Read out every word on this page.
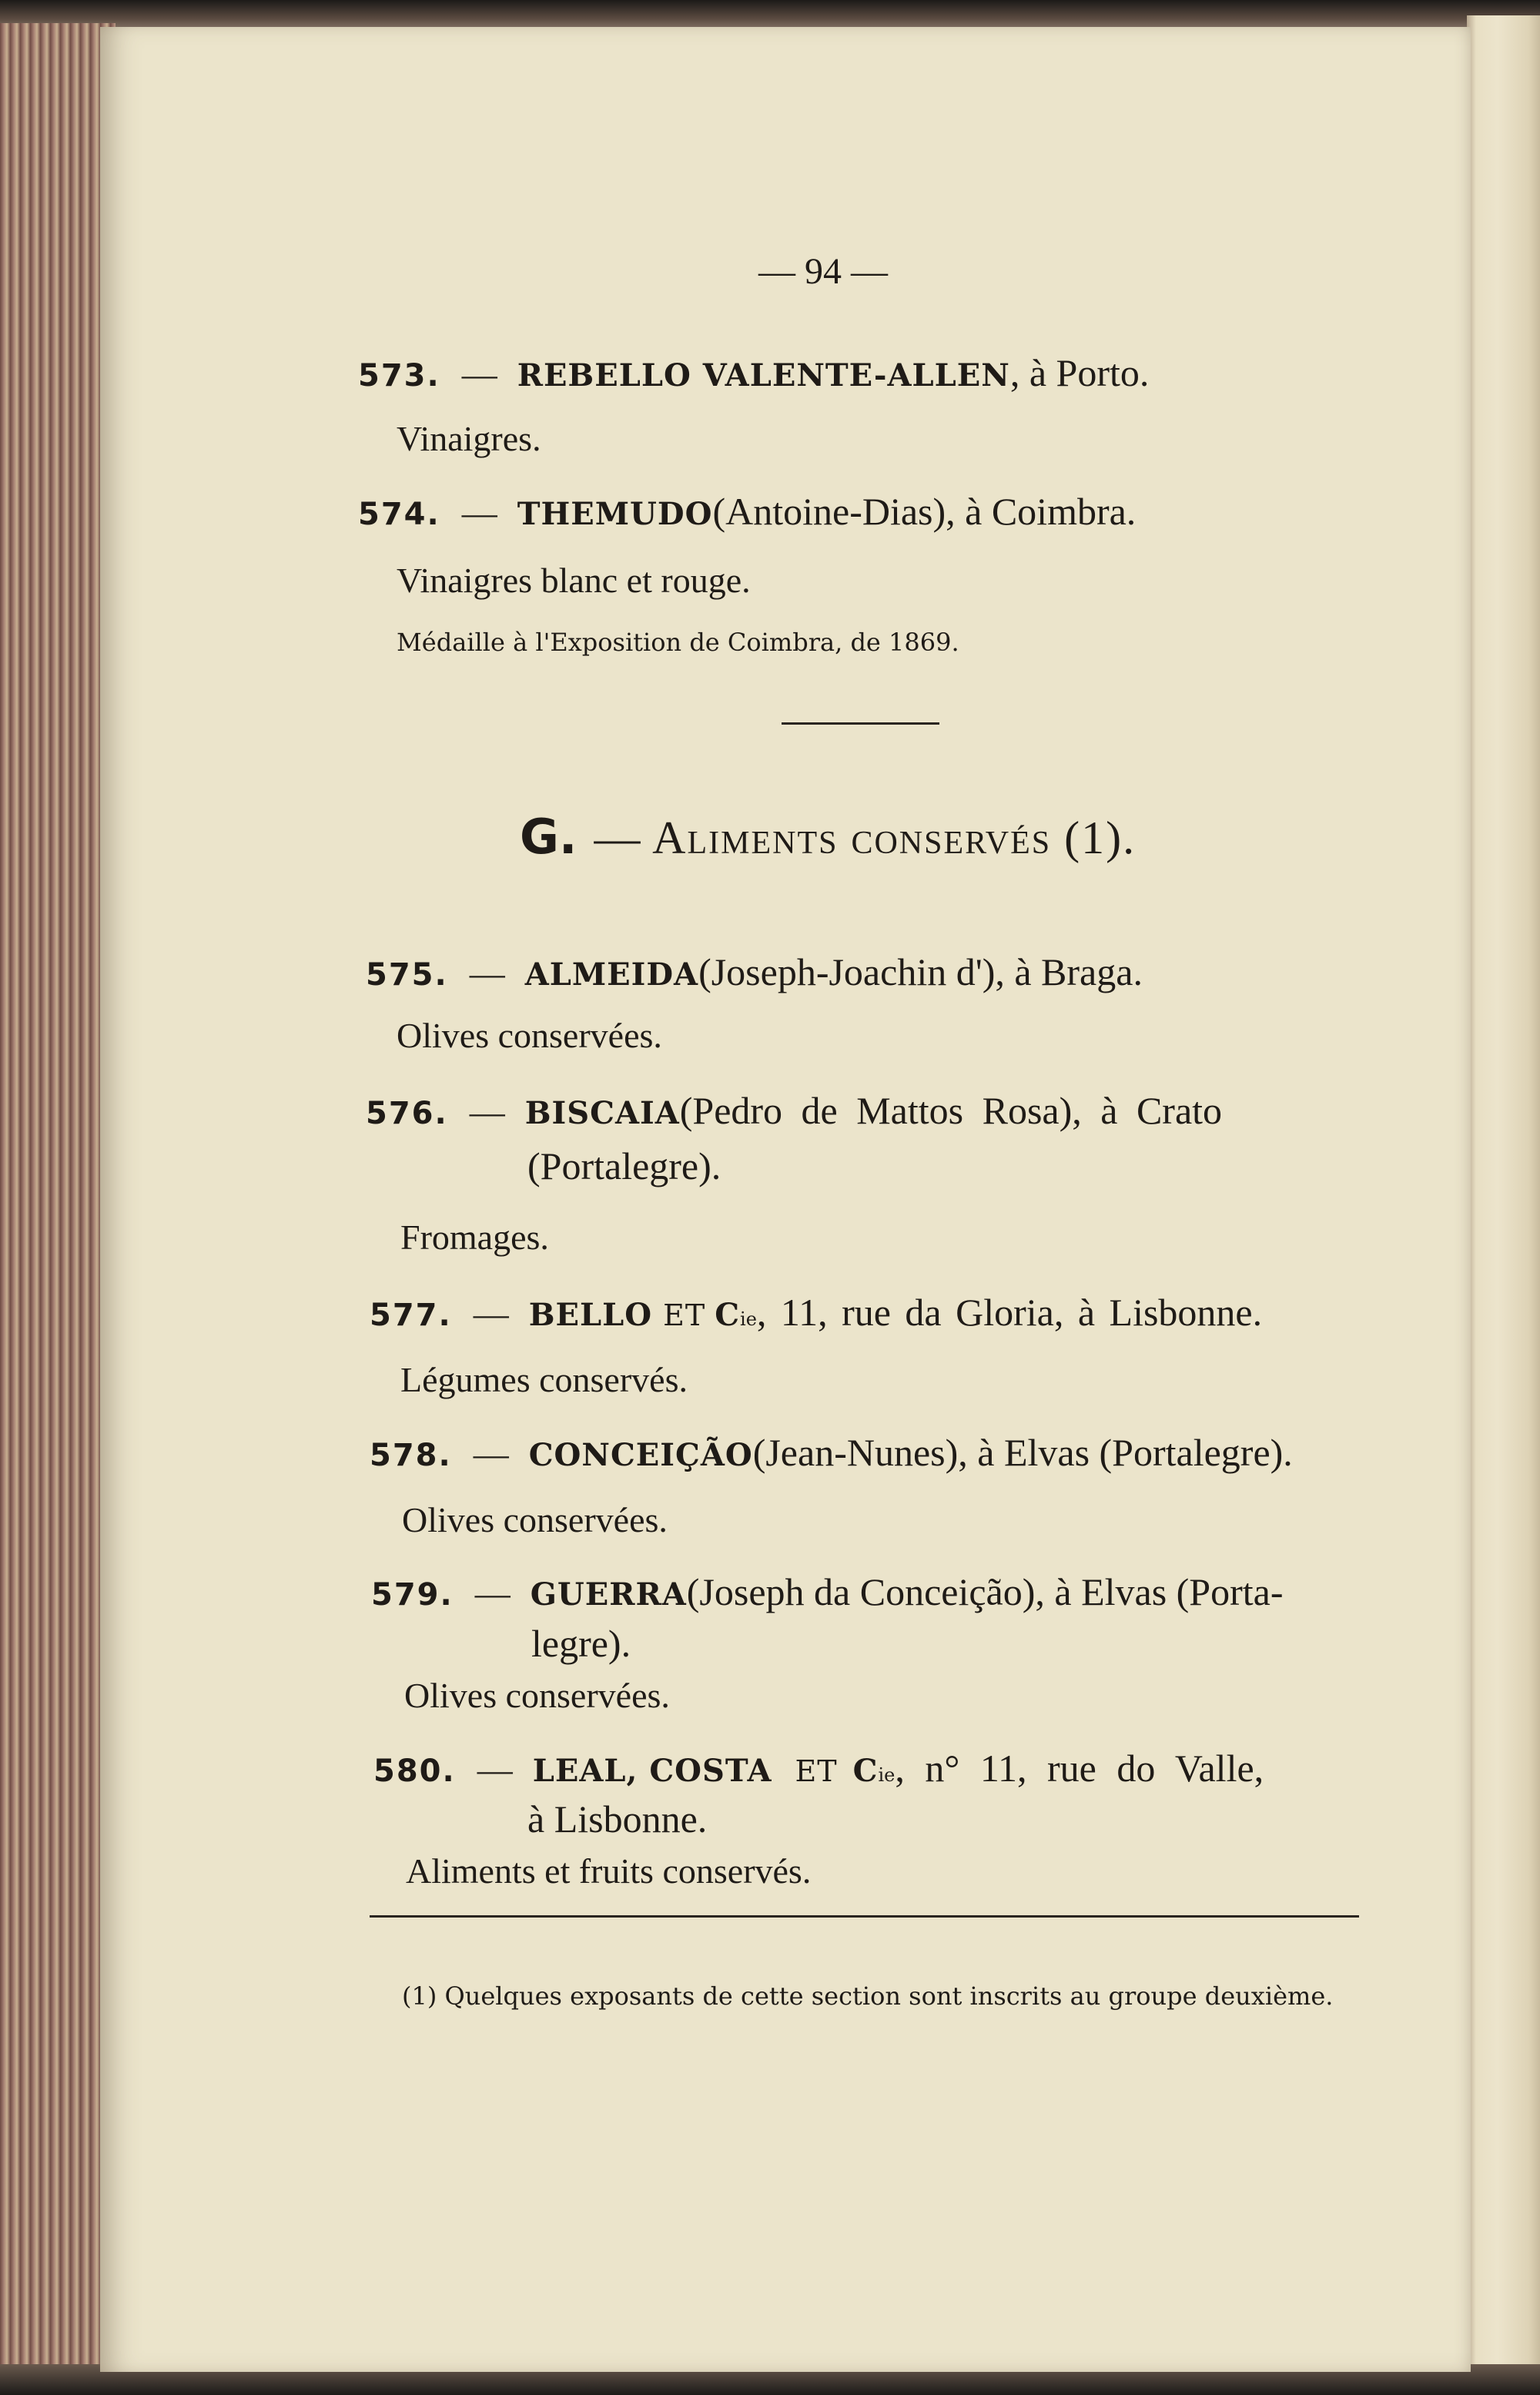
— 94 —
573. — REBELLO VALENTE-ALLEN , à Porto.
Vinaigres.
574. — THEMUDO (Antoine-Dias), à Coimbra.
Vinaigres blanc et rouge.
Médaille à l'Exposition de Coimbra, de 1869.
G. — Aliments conservés (1).
575. — ALMEIDA (Joseph-Joachin d'), à Braga.
Olives conservées.
576. — BISCAIA (Pedro de Mattos Rosa), à Crato
(Portalegre).
Fromages.
577. — BELLO ET C ie , 11, rue da Gloria, à Lisbonne.
Légumes conservés.
578. — CONCEIÇÃO (Jean-Nunes), à Elvas (Portalegre).
Olives conservées.
579. — GUERRA (Joseph da Conceição), à Elvas (Porta-
legre).
Olives conservées.
580. — LEAL, COSTA ET C ie , n° 11, rue do Valle,
à Lisbonne.
Aliments et fruits conservés.
(1) Quelques exposants de cette section sont inscrits au groupe deuxième.
